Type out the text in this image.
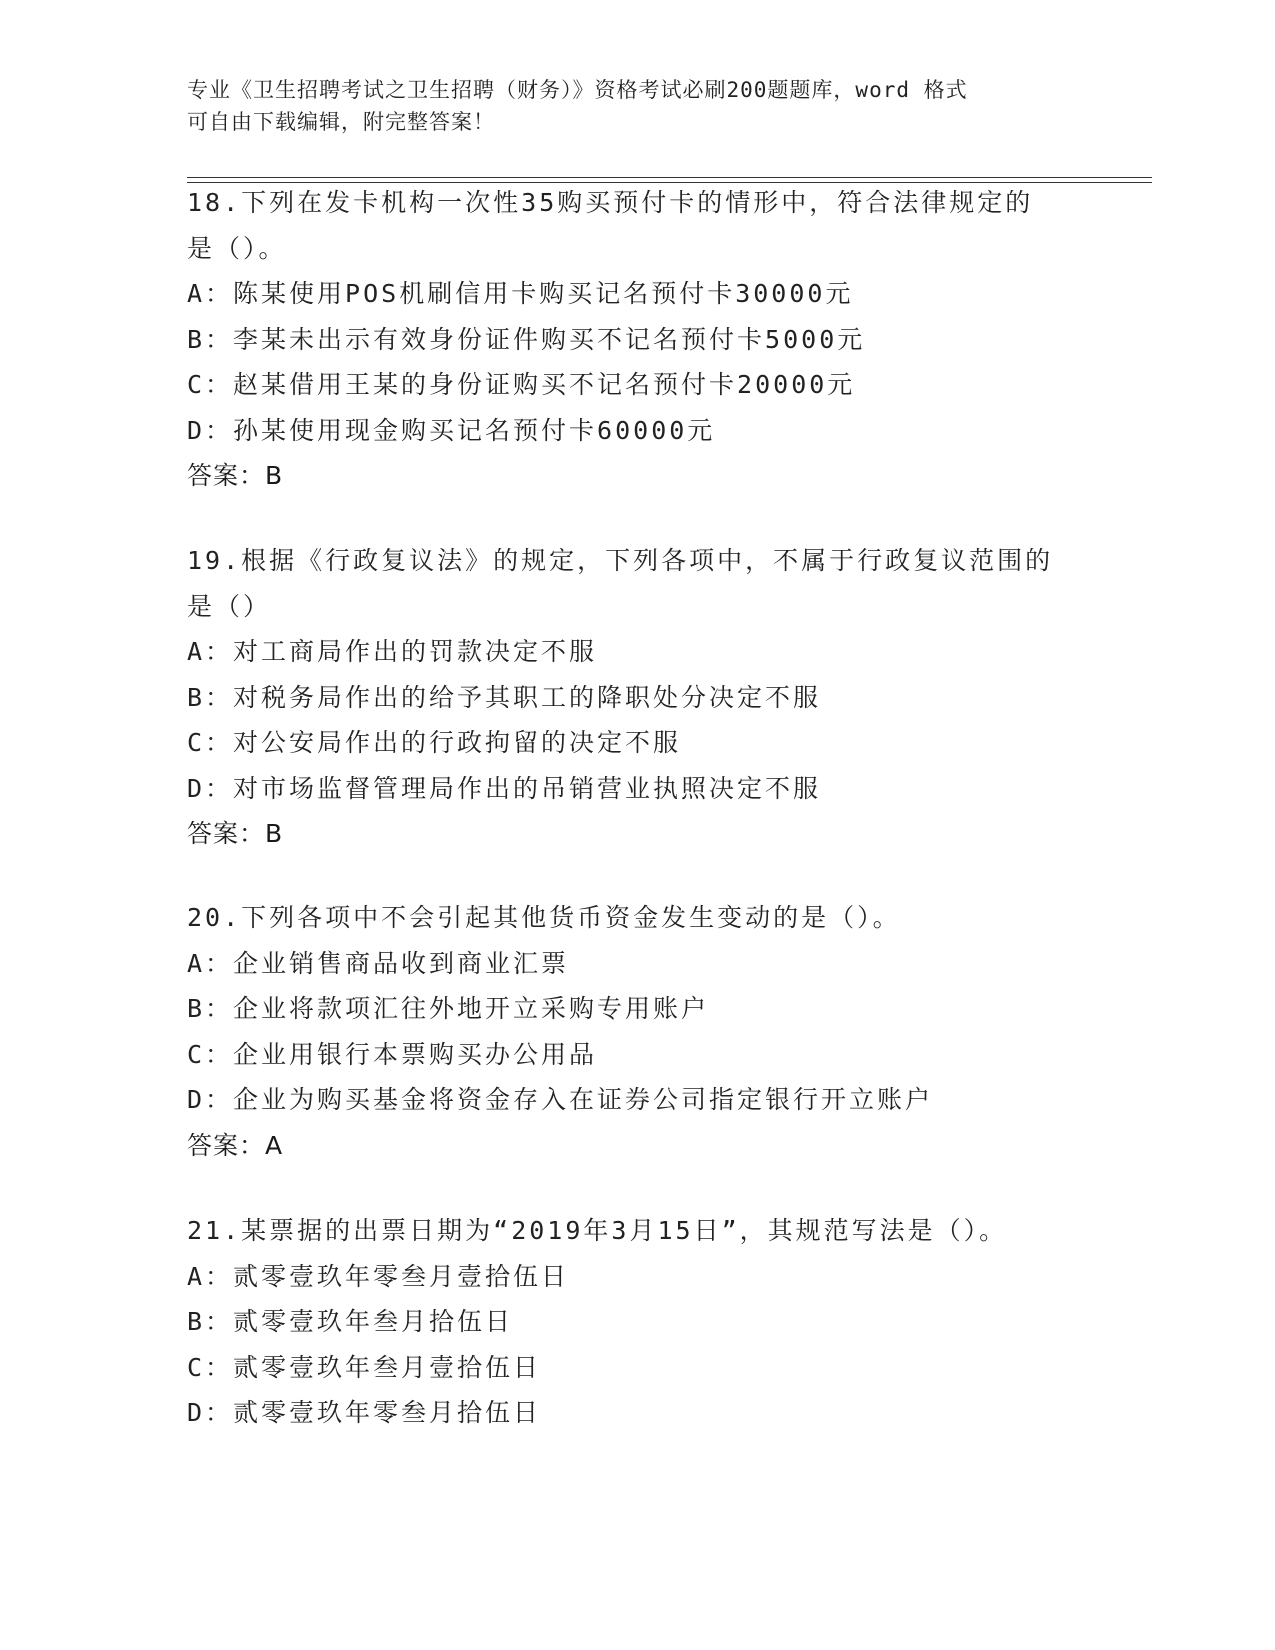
专业《卫生招聘考试之卫生招聘（财务）》资格考试必刷200题题库，word 格式
可自由下载编辑，附完整答案！
18.下列在发卡机构一次性35购买预付卡的情形中，符合法律规定的
是（）。
A：陈某使用POS机刷信用卡购买记名预付卡30000元
B：李某未出示有效身份证件购买不记名预付卡5000元
C：赵某借用王某的身份证购买不记名预付卡20000元
D：孙某使用现金购买记名预付卡60000元
答案：B
19.根据《行政复议法》的规定，下列各项中，不属于行政复议范围的
是（）
A：对工商局作出的罚款决定不服
B：对税务局作出的给予其职工的降职处分决定不服
C：对公安局作出的行政拘留的决定不服
D：对市场监督管理局作出的吊销营业执照决定不服
答案：B
20.下列各项中不会引起其他货币资金发生变动的是（）。
A：企业销售商品收到商业汇票
B：企业将款项汇往外地开立采购专用账户
C：企业用银行本票购买办公用品
D：企业为购买基金将资金存入在证券公司指定银行开立账户
答案：A
21.某票据的出票日期为“2019年3月15日”，其规范写法是（）。
A：贰零壹玖年零叁月壹拾伍日
B：贰零壹玖年叁月拾伍日
C：贰零壹玖年叁月壹拾伍日
D：贰零壹玖年零叁月拾伍日
